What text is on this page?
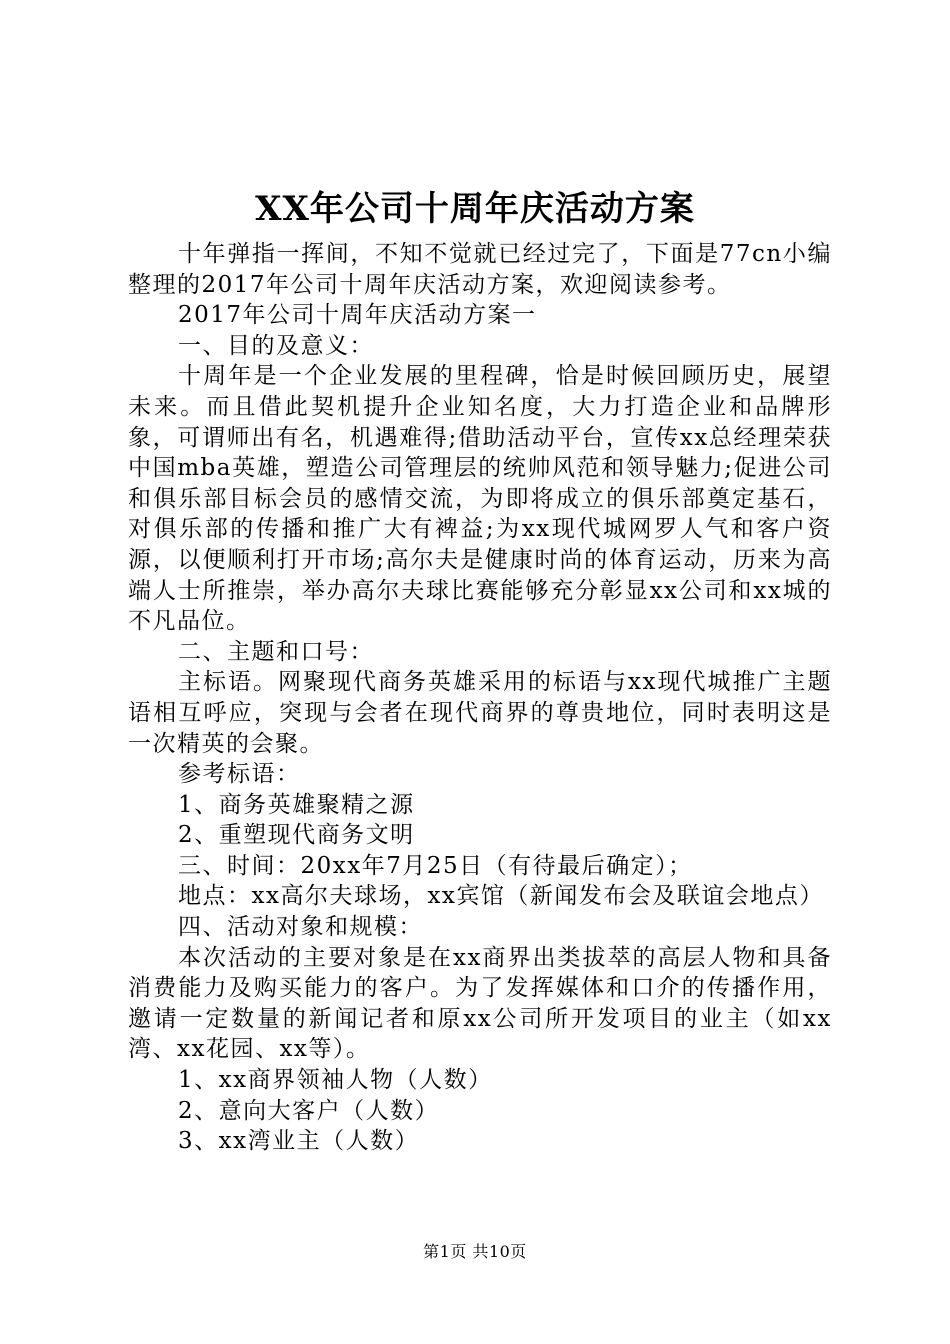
XX年公司十周年庆活动方案

十年弹指一挥间，不知不觉就已经过完了，下面是77cn小编整理的2017年公司十周年庆活动方案，欢迎阅读参考。

2017年公司十周年庆活动方案一

一、目的及意义：

十周年是一个企业发展的里程碑，恰是时候回顾历史，展望未来。而且借此契机提升企业知名度，大力打造企业和品牌形象，可谓师出有名，机遇难得;借助活动平台，宣传xx总经理荣获中国mba英雄，塑造公司管理层的统帅风范和领导魅力;促进公司和俱乐部目标会员的感情交流，为即将成立的俱乐部奠定基石，对俱乐部的传播和推广大有裨益;为xx现代城网罗人气和客户资源，以便顺利打开市场;高尔夫是健康时尚的体育运动，历来为高端人士所推崇，举办高尔夫球比赛能够充分彰显xx公司和xx城的不凡品位。

二、主题和口号：

主标语。网聚现代商务英雄采用的标语与xx现代城推广主题语相互呼应，突现与会者在现代商界的尊贵地位，同时表明这是一次精英的会聚。

参考标语：

1、商务英雄聚精之源

2、重塑现代商务文明

三、时间：20xx年7月25日（有待最后确定）；

地点：xx高尔夫球场，xx宾馆（新闻发布会及联谊会地点）

四、活动对象和规模：

本次活动的主要对象是在xx商界出类拔萃的高层人物和具备消费能力及购买能力的客户。为了发挥媒体和口介的传播作用，邀请一定数量的新闻记者和原xx公司所开发项目的业主（如xx湾、xx花园、xx等）。

1、xx商界领袖人物（人数）

2、意向大客户（人数）

3、xx湾业主（人数）

第1页 共10页
